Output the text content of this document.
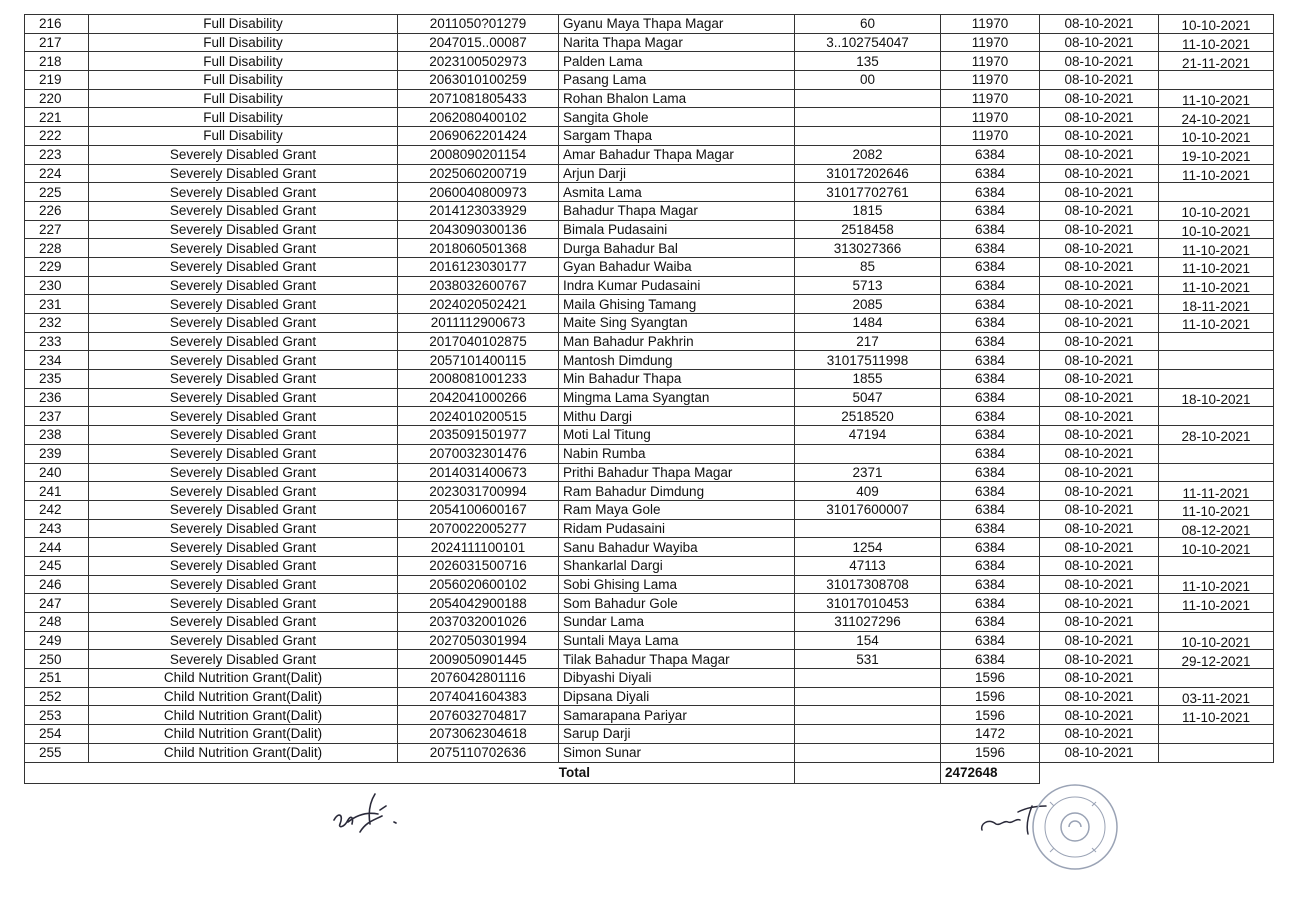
216	Full Disability	2011050?01279	Gyanu Maya Thapa Magar	60	11970	08-10-2021	10-10-2021
217	Full Disability	2047015..00087	Narita Thapa Magar	3..102754047	11970	08-10-2021	11-10-2021
218	Full Disability	2023100502973	Palden Lama	135	11970	08-10-2021	21-11-2021
219	Full Disability	2063010100259	Pasang Lama	00	11970	08-10-2021	
220	Full Disability	2071081805433	Rohan Bhalon Lama		11970	08-10-2021	11-10-2021
221	Full Disability	2062080400102	Sangita Ghole		11970	08-10-2021	24-10-2021
222	Full Disability	2069062201424	Sargam Thapa		11970	08-10-2021	10-10-2021
223	Severely Disabled Grant	2008090201154	Amar Bahadur Thapa Magar	2082	6384	08-10-2021	19-10-2021
224	Severely Disabled Grant	2025060200719	Arjun Darji	31017202646	6384	08-10-2021	11-10-2021
225	Severely Disabled Grant	2060040800973	Asmita Lama	31017702761	6384	08-10-2021	
226	Severely Disabled Grant	2014123033929	Bahadur Thapa Magar	1815	6384	08-10-2021	10-10-2021
227	Severely Disabled Grant	2043090300136	Bimala Pudasaini	2518458	6384	08-10-2021	10-10-2021
228	Severely Disabled Grant	2018060501368	Durga Bahadur Bal	313027366	6384	08-10-2021	11-10-2021
229	Severely Disabled Grant	2016123030177	Gyan Bahadur Waiba	85	6384	08-10-2021	11-10-2021
230	Severely Disabled Grant	2038032600767	Indra Kumar Pudasaini	5713	6384	08-10-2021	11-10-2021
231	Severely Disabled Grant	2024020502421	Maila Ghising Tamang	2085	6384	08-10-2021	18-11-2021
232	Severely Disabled Grant	2011112900673	Maite Sing Syangtan	1484	6384	08-10-2021	11-10-2021
233	Severely Disabled Grant	2017040102875	Man Bahadur Pakhrin	217	6384	08-10-2021	
234	Severely Disabled Grant	2057101400115	Mantosh Dimdung	31017511998	6384	08-10-2021	
235	Severely Disabled Grant	2008081001233	Min Bahadur Thapa	1855	6384	08-10-2021	
236	Severely Disabled Grant	2042041000266	Mingma Lama Syangtan	5047	6384	08-10-2021	18-10-2021
237	Severely Disabled Grant	2024010200515	Mithu Dargi	2518520	6384	08-10-2021	
238	Severely Disabled Grant	2035091501977	Moti Lal Titung	47194	6384	08-10-2021	28-10-2021
239	Severely Disabled Grant	2070032301476	Nabin Rumba		6384	08-10-2021	
240	Severely Disabled Grant	2014031400673	Prithi Bahadur Thapa Magar	2371	6384	08-10-2021	
241	Severely Disabled Grant	2023031700994	Ram Bahadur Dimdung	409	6384	08-10-2021	11-11-2021
242	Severely Disabled Grant	2054100600167	Ram Maya Gole	31017600007	6384	08-10-2021	11-10-2021
243	Severely Disabled Grant	2070022005277	Ridam Pudasaini		6384	08-10-2021	08-12-2021
244	Severely Disabled Grant	2024111100101	Sanu Bahadur Wayiba	1254	6384	08-10-2021	10-10-2021
245	Severely Disabled Grant	2026031500716	Shankarlal Dargi	47113	6384	08-10-2021	
246	Severely Disabled Grant	2056020600102	Sobi Ghising Lama	31017308708	6384	08-10-2021	11-10-2021
247	Severely Disabled Grant	2054042900188	Som Bahadur Gole	31017010453	6384	08-10-2021	11-10-2021
248	Severely Disabled Grant	2037032001026	Sundar Lama	311027296	6384	08-10-2021	
249	Severely Disabled Grant	2027050301994	Suntali Maya Lama	154	6384	08-10-2021	10-10-2021
250	Severely Disabled Grant	2009050901445	Tilak Bahadur Thapa Magar	531	6384	08-10-2021	29-12-2021
251	Child Nutrition Grant(Dalit)	2076042801116	Dibyashi Diyali		1596	08-10-2021	
252	Child Nutrition Grant(Dalit)	2074041604383	Dipsana Diyali		1596	08-10-2021	03-11-2021
253	Child Nutrition Grant(Dalit)	2076032704817	Samarapana Pariyar		1596	08-10-2021	11-10-2021
254	Child Nutrition Grant(Dalit)	2073062304618	Sarup Darji		1472	08-10-2021	
255	Child Nutrition Grant(Dalit)	2075110702636	Simon Sunar		1596	08-10-2021	
Total					2472648		
